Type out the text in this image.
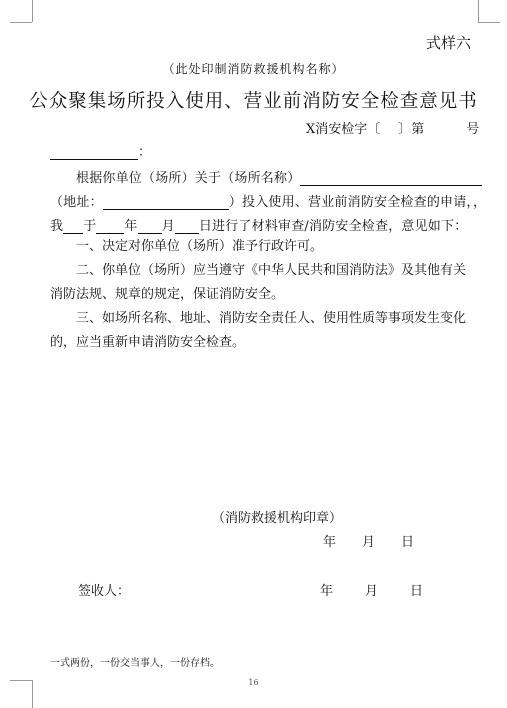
式样六
（此处印制消防救援机构名称）
公众聚集场所投入使用、营业前消防安全检查意见书
X消安检字〔 〕第	号
：
根据你单位（场所）关于（场所名称）
（地址：	）投入使用、营业前消防安全检查的申请，，
我 于 年 月 日进行了材料审查/消防安全检查，意见如下：
一、决定对你单位（场所）准予行政许可。
二、你单位（场所）应当遵守《中华人民共和国消防法》及其他有关消防法规、规章的规定，保证消防安全。
三、如场所名称、地址、消防安全责任人、使用性质等事项发生变化的，应当重新申请消防安全检查。
（消防救援机构印章）
年 月 日
签收人：	年 月 日
一式两份，一份交当事人，一份存档。
16
